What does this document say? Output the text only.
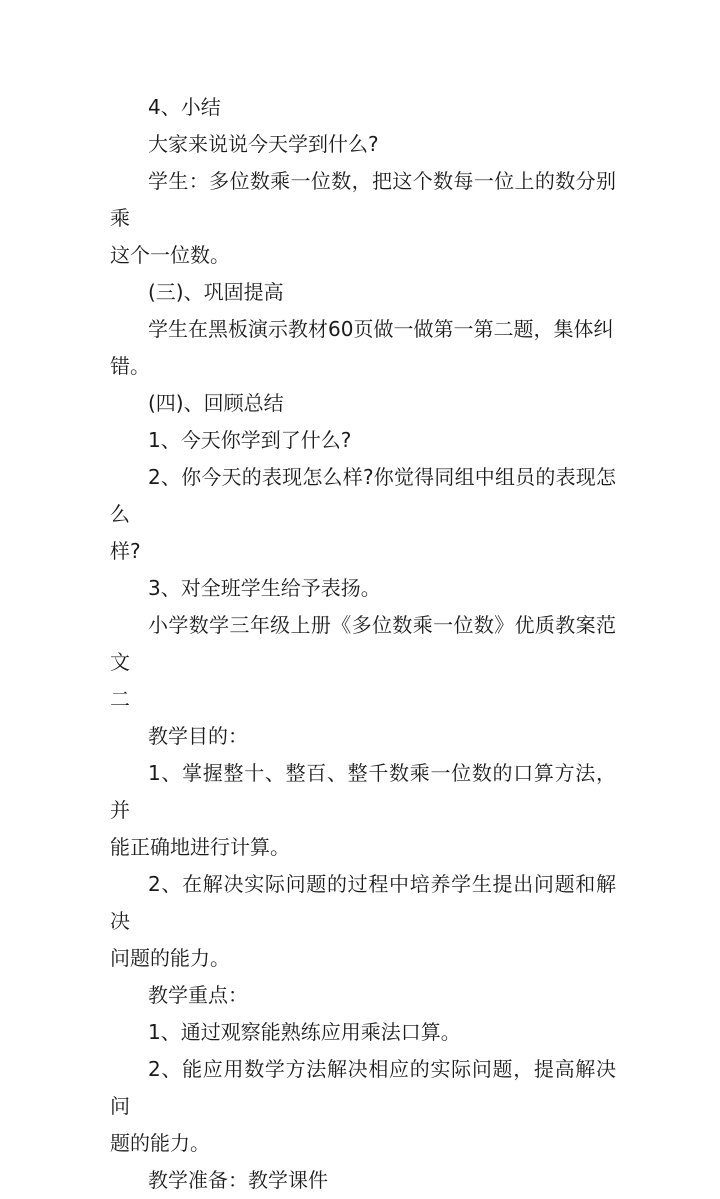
4、小结

大家来说说今天学到什么?

学生：多位数乘一位数，把这个数每一位上的数分别乘
这个一位数。

(三)、巩固提高

学生在黑板演示教材60页做一做第一第二题，集体纠
错。

(四)、回顾总结

1、今天你学到了什么?

2、你今天的表现怎么样?你觉得同组中组员的表现怎么
样?

3、对全班学生给予表扬。

小学数学三年级上册《多位数乘一位数》优质教案范文
二

教学目的：

1、掌握整十、整百、整千数乘一位数的口算方法，并
能正确地进行计算。

2、在解决实际问题的过程中培养学生提出问题和解决
问题的能力。

教学重点：

1、通过观察能熟练应用乘法口算。

2、能应用数学方法解决相应的实际问题，提高解决问
题的能力。

教学准备：教学课件
